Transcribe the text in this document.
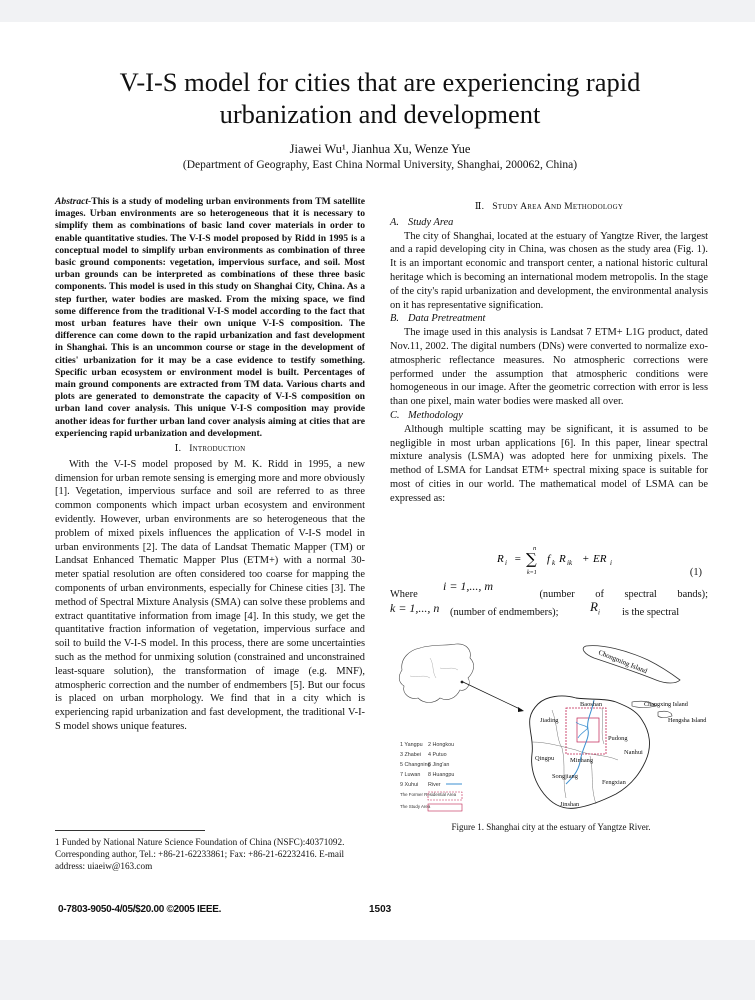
V-I-S model for cities that are experiencing rapid urbanization and development
Jiawei Wu¹, Jianhua Xu, Wenze Yue
(Department of Geography, East China Normal University, Shanghai, 200062, China)

Abstract-This is a study of modeling urban environments from TM satellite images. Urban environments are so heterogeneous that it is necessary to simplify them as combinations of basic land cover materials in order to enable quantitative studies. The V-I-S model proposed by Ridd in 1995 is a conceptual model to simplify urban environments as combination of three basic ground components: vegetation, impervious surface, and soil. Most urban grounds can be interpreted as combinations of these three basic components. This model is used in this study on Shanghai City, China. As a step further, water bodies are masked. From the mixing space, we find some difference from the traditional V-I-S model according to the fact that most urban features have their own unique V-I-S composition. The difference can come down to the rapid urbanization and fast development in Shanghai. This is an uncommon course or stage in the development of cities' urbanization for it may be a case evidence to testify something. Specific urban ecosystem or environment model is built. Percentages of main ground components are extracted from TM data. Various charts and plots are generated to demonstrate the capacity of V-I-S composition on urban land cover analysis. This unique V-I-S composition may provide another ideas for further urban land cover analysis aiming at cities that are experiencing rapid urbanization and development.

Ⅰ. Introduction

With the V-I-S model proposed by M. K. Ridd in 1995, a new dimension for urban remote sensing is emerging more and more obviously [1]. Vegetation, impervious surface and soil are referred to as three common components which impact urban ecosystem and environment evidently. However, urban environments are so heterogeneous that the problem of mixed pixels influences the application of V-I-S model in urban environments [2]. The data of Landsat Thematic Mapper (TM) or Landsat Enhanced Thematic Mapper Plus (ETM+) with a normal 30-meter spatial resolution are often considered too coarse for mapping the components of urban environments, especially for Chinese cities [3]. The method of Spectral Mixture Analysis (SMA) can solve these problems and extract quantitative information from image [4]. In this study, we get the quantitative fraction information of vegetation, impervious surface and soil to build the V-I-S model. In this process, there are some uncertainties such as the method for unmixing solution (constrained and unconstrained least-square solution), the transformation of image (e.g. MNF), atmospheric correction and the number of endmembers [5]. But our focus is placed on urban morphology. We find that in a city which is experiencing rapid urbanization and fast development, the traditional V-I-S model shows unique features.

1 Funded by National Nature Science Foundation of China (NSFC):40371092. Corresponding author, Tel.: +86-21-62233861; Fax: +86-21-62232416. E-mail address: uiaeiw@163.com
0-7803-9050-4/05/$20.00 ©2005 IEEE.	1503
Ⅱ. Study Area And Methodology

A. Study Area

The city of Shanghai, located at the estuary of Yangtze River, the largest and a rapid developing city in China, was chosen as the study area (Fig. 1). It is an important economic and transport center, a national historic cultural heritage which is becoming an international modem metropolis. In the stage of the city's rapid urbanization and development, the environmental analysis on it has representative signification.

B. Data Pretreatment

The image used in this analysis is Landsat 7 ETM+ L1G product, dated Nov.11, 2002. The digital numbers (DNs) were converted to normalize exo-atmospheric reflectance measures. No atmospheric corrections were performed under the assumption that atmospheric conditions were homogeneous in our image. After the geometric correction with error is less than one pixel, main water bodies were masked all over.

C. Methodology

Although multiple scatting may be significant, it is assumed to be negligible in most urban applications [6]. In this paper, linear spectral mixture analysis (LSMA) was adopted here for unmixing pixels. The method of LSMA for Landsat ETM+ spectral mixing space is suitable for most of cities in our world. The mathematical model of LSMA can be expressed as:

R i =
n
∑
k=1
f k R ik + ER i
(1)
Where
i = 1,..., m
(number of spectral bands);
k = 1,..., n (number of endmembers); $R_i$ is the spectral
Chongming Island
Changxing Island
Hengsha Island
Jiading
Baoshan
Qingpu
Pudong
Nanhui
Songjiang
Fengxian
Jinshan
Minhang
1 Yangpu 2 Hongkou
3 Zhabei 4 Putuo
5 Changning
6 Jing'an
7 Luwan 8 Huangpu
9 Xuhui River
The Former Residential Area
The Study Area
Figure 1. Shanghai city at the estuary of Yangtze River.
